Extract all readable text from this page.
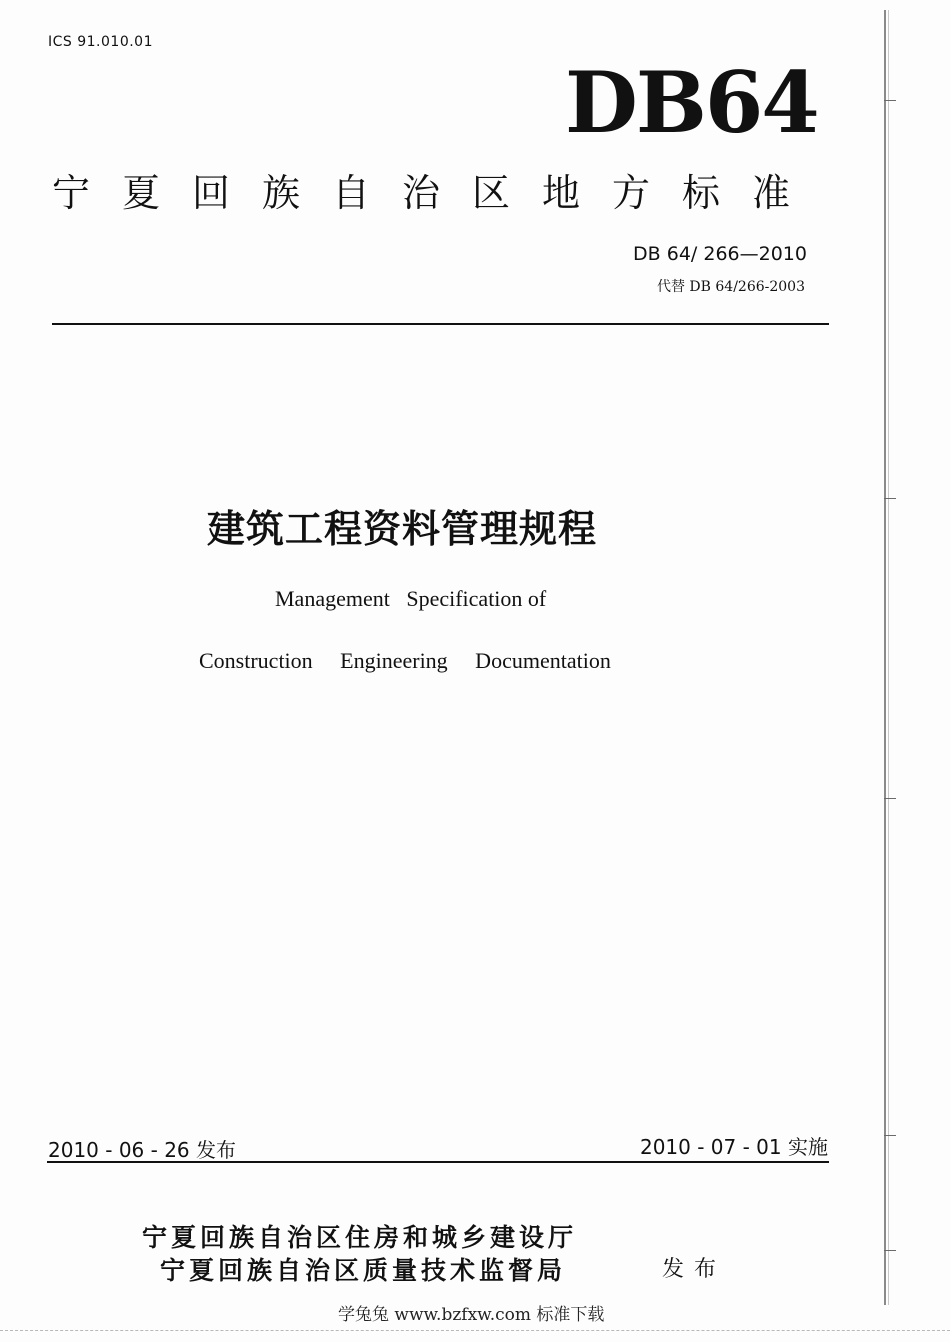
ICS 91.010.01
DB64
宁夏回族自治区地方标准
DB 64/ 266—2010
代替 DB 64/266-2003
建筑工程资料管理规程
Management   Specification of
Construction     Engineering     Documentation
2010 - 06 - 26 发布	2010 - 07 - 01 实施
宁夏回族自治区住房和城乡建设厅
宁夏回族自治区质量技术监督局	发布
学兔兔 www.bzfxw.com 标准下载
